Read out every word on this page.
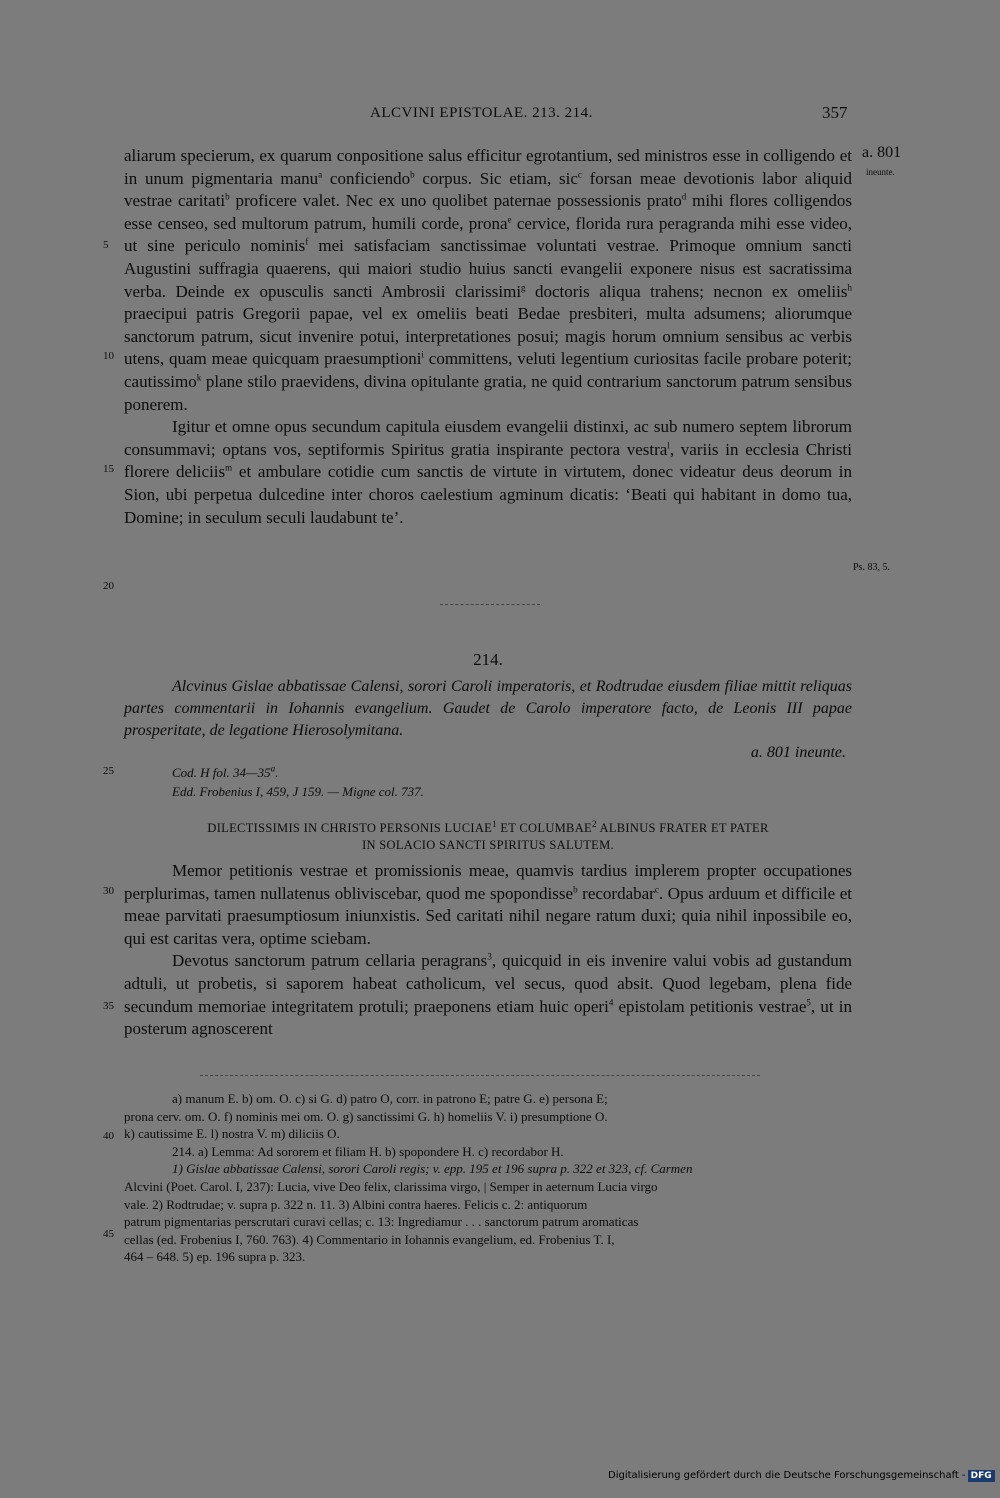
ALCVINI EPISTOLAE. 213. 214.	357
a. 801
ineunte.
Ps. 83, 5.
5
10
15
20
25
30
35
40
45

aliarum specierum, ex quarum conpositione salus efficitur egrotantium, sed ministros esse in colligendo et in unum pigmentaria manu$^a$ conficiendo$^b$ corpus. Sic etiam, sic$^c$ forsan meae devotionis labor aliquid vestrae caritati$^b$ proficere valet. Nec ex uno quolibet paternae possessionis prato$^d$ mihi flores colligendos esse censeo, sed multorum patrum, humili corde, prona$^e$ cervice, florida rura peragranda mihi esse video, ut sine periculo nominis$^f$ mei satisfaciam sanctissimae voluntati vestrae. Primoque omnium sancti Augustini suffragia quaerens, qui maiori studio huius sancti evangelii exponere nisus est sacratissima verba. Deinde ex opusculis sancti Ambrosii clarissimi$^g$ doctoris aliqua trahens; necnon ex omeliis$^h$ praecipui patris Gregorii papae, vel ex omeliis beati Bedae presbiteri, multa adsumens; aliorumque sanctorum patrum, sicut invenire potui, interpretationes posui; magis horum omnium sensibus ac verbis utens, quam meae quicquam praesumptioni$^i$ committens, veluti legentium curiositas facile probare poterit; cautissimo$^k$ plane stilo praevidens, divina opitulante gratia, ne quid contrarium sanctorum patrum sensibus ponerem.

Igitur et omne opus secundum capitula eiusdem evangelii distinxi, ac sub numero septem librorum consummavi; optans vos, septiformis Spiritus gratia inspirante pectora vestra$^l$, variis in ecclesia Christi florere deliciis$^m$ et ambulare cotidie cum sanctis de virtute in virtutem, donec videatur deus deorum in Sion, ubi perpetua dulcedine inter choros caelestium agminum dicatis: ‘Beati qui habitant in domo tua, Domine; in seculum seculi laudabunt te’.

214.
Alcvinus Gislae abbatissae Calensi, sorori Caroli imperatoris, et Rodtrudae eiusdem filiae mittit reliquas partes commentarii in Iohannis evangelium. Gaudet de Carolo imperatore facto, de Leonis III papae prosperitate, de legatione Hierosolymitana.
a. 801 ineunte.
Cod. H fol. 34—35$^a$.
Edd. Frobenius I, 459, J 159. — Migne col. 737.
DILECTISSIMIS IN CHRISTO PERSONIS LUCIAE$^1$ ET COLUMBAE$^2$ ALBINUS FRATER ET PATER
IN SOLACIO SANCTI SPIRITUS SALUTEM.

Memor petitionis vestrae et promissionis meae, quamvis tardius implerem propter occupationes perplurimas, tamen nullatenus obliviscebar, quod me spopondisse$^b$ recordabar$^c$. Opus arduum et difficile et meae parvitati praesumptiosum iniunxistis. Sed caritati nihil negare ratum duxi; quia nihil inpossibile eo, qui est caritas vera, optime sciebam.

Devotus sanctorum patrum cellaria peragrans$^3$, quicquid in eis invenire valui vobis ad gustandum adtuli, ut probetis, si saporem habeat catholicum, vel secus, quod absit. Quod legebam, plena fide secundum memoriae integritatem protuli; praeponens etiam huic operi$^4$ epistolam petitionis vestrae$^5$, ut in posterum agnoscerent

a) manum E. b) om. O. c) si G. d) patro O, corr. in patrono E; patre G. e) persona E;
prona cerv. om. O. f) nominis mei om. O. g) sanctissimi G. h) homeliis V. i) presumptione O.
k) cautissime E. l) nostra V. m) diliciis O.
214. a) Lemma: Ad sororem et filiam H. b) spopondere H. c) recordabor H.
1) Gislae abbatissae Calensi, sorori Caroli regis; v. epp. 195 et 196 supra p. 322 et 323, cf. Carmen
Alcvini (Poet. Carol. I, 237): Lucia, vive Deo felix, clarissima virgo, | Semper in aeternum Lucia virgo
vale. 2) Rodtrudae; v. supra p. 322 n. 11. 3) Albini contra haeres. Felicis c. 2: antiquorum
patrum pigmentarias perscrutari curavi cellas; c. 13: Ingrediamur . . . sanctorum patrum aromaticas
cellas (ed. Frobenius I, 760. 763). 4) Commentario in Iohannis evangelium, ed. Frobenius T. I,
464 – 648. 5) ep. 196 supra p. 323.
Digitalisierung gefördert durch die Deutsche Forschungsgemeinschaft - DFG
